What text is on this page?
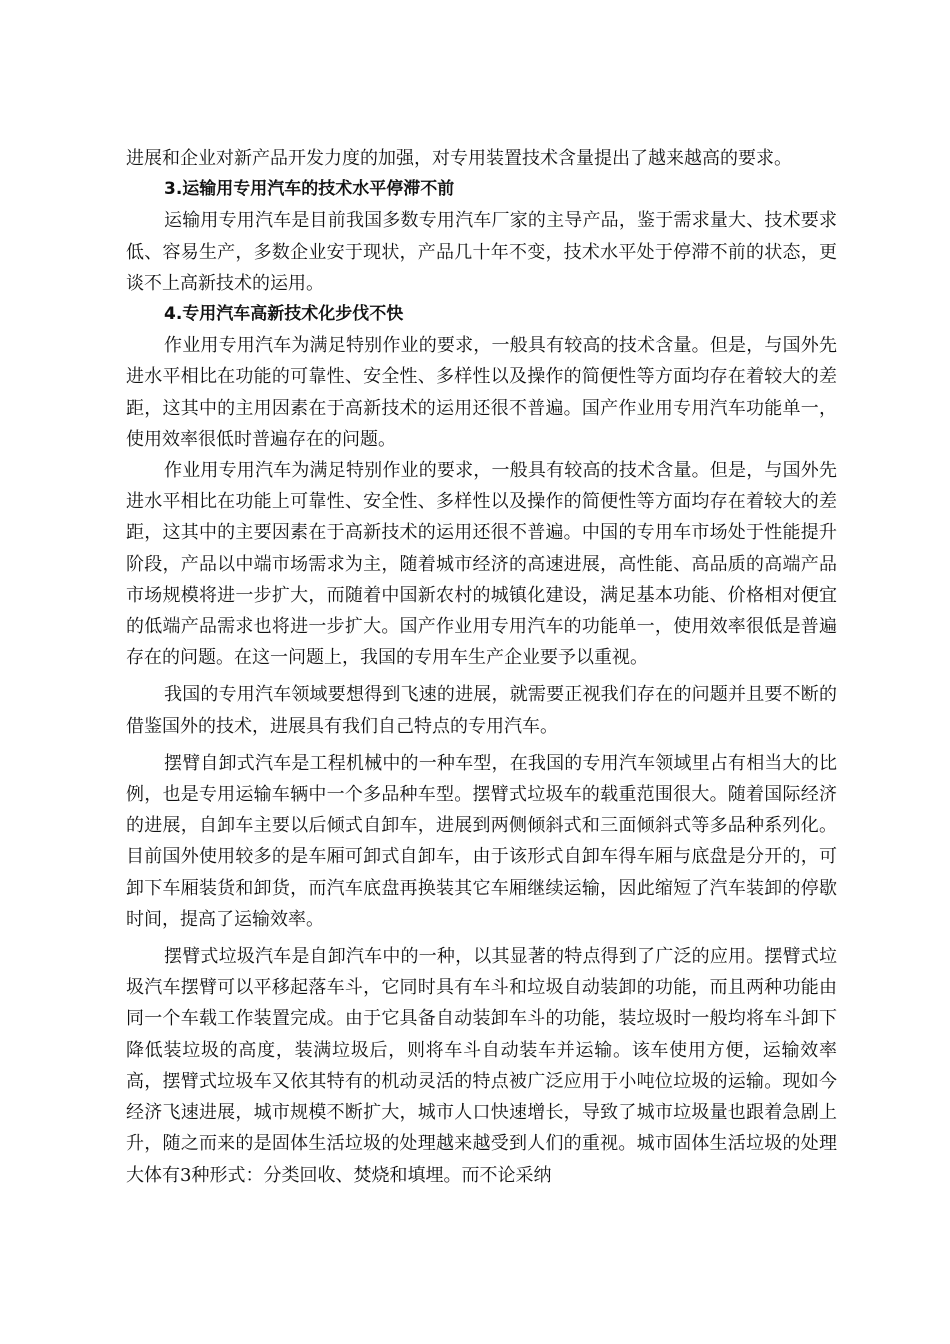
进展和企业对新产品开发力度的加强，对专用装置技术含量提出了越来越高的要求。

3.运输用专用汽车的技术水平停滞不前

运输用专用汽车是目前我国多数专用汽车厂家的主导产品，鉴于需求量大、技术要求低、容易生产，多数企业安于现状，产品几十年不变，技术水平处于停滞不前的状态，更谈不上高新技术的运用。

4.专用汽车高新技术化步伐不快

作业用专用汽车为满足特别作业的要求，一般具有较高的技术含量。但是，与国外先进水平相比在功能的可靠性、安全性、多样性以及操作的简便性等方面均存在着较大的差距，这其中的主用因素在于高新技术的运用还很不普遍。国产作业用专用汽车功能单一，使用效率很低时普遍存在的问题。

作业用专用汽车为满足特别作业的要求，一般具有较高的技术含量。但是，与国外先进水平相比在功能上可靠性、安全性、多样性以及操作的简便性等方面均存在着较大的差距，这其中的主要因素在于高新技术的运用还很不普遍。中国的专用车市场处于性能提升阶段，产品以中端市场需求为主，随着城市经济的高速进展，高性能、高品质的高端产品市场规模将进一步扩大，而随着中国新农村的城镇化建设，满足基本功能、价格相对便宜的低端产品需求也将进一步扩大。国产作业用专用汽车的功能单一，使用效率很低是普遍存在的问题。在这一问题上，我国的专用车生产企业要予以重视。

我国的专用汽车领域要想得到飞速的进展，就需要正视我们存在的问题并且要不断的借鉴国外的技术，进展具有我们自己特点的专用汽车。

摆臂自卸式汽车是工程机械中的一种车型，在我国的专用汽车领域里占有相当大的比例，也是专用运输车辆中一个多品种车型。摆臂式垃圾车的载重范围很大。随着国际经济的进展，自卸车主要以后倾式自卸车，进展到两侧倾斜式和三面倾斜式等多品种系列化。目前国外使用较多的是车厢可卸式自卸车，由于该形式自卸车得车厢与底盘是分开的，可卸下车厢装货和卸货，而汽车底盘再换装其它车厢继续运输，因此缩短了汽车装卸的停歇时间，提高了运输效率。

摆臂式垃圾汽车是自卸汽车中的一种，以其显著的特点得到了广泛的应用。摆臂式垃圾汽车摆臂可以平移起落车斗，它同时具有车斗和垃圾自动装卸的功能，而且两种功能由同一个车载工作装置完成。由于它具备自动装卸车斗的功能，装垃圾时一般均将车斗卸下降低装垃圾的高度，装满垃圾后，则将车斗自动装车并运输。该车使用方便，运输效率高，摆臂式垃圾车又依其特有的机动灵活的特点被广泛应用于小吨位垃圾的运输。现如今经济飞速进展，城市规模不断扩大，城市人口快速增长，导致了城市垃圾量也跟着急剧上升，随之而来的是固体生活垃圾的处理越来越受到人们的重视。城市固体生活垃圾的处理大体有3种形式：分类回收、焚烧和填埋。而不论采纳
